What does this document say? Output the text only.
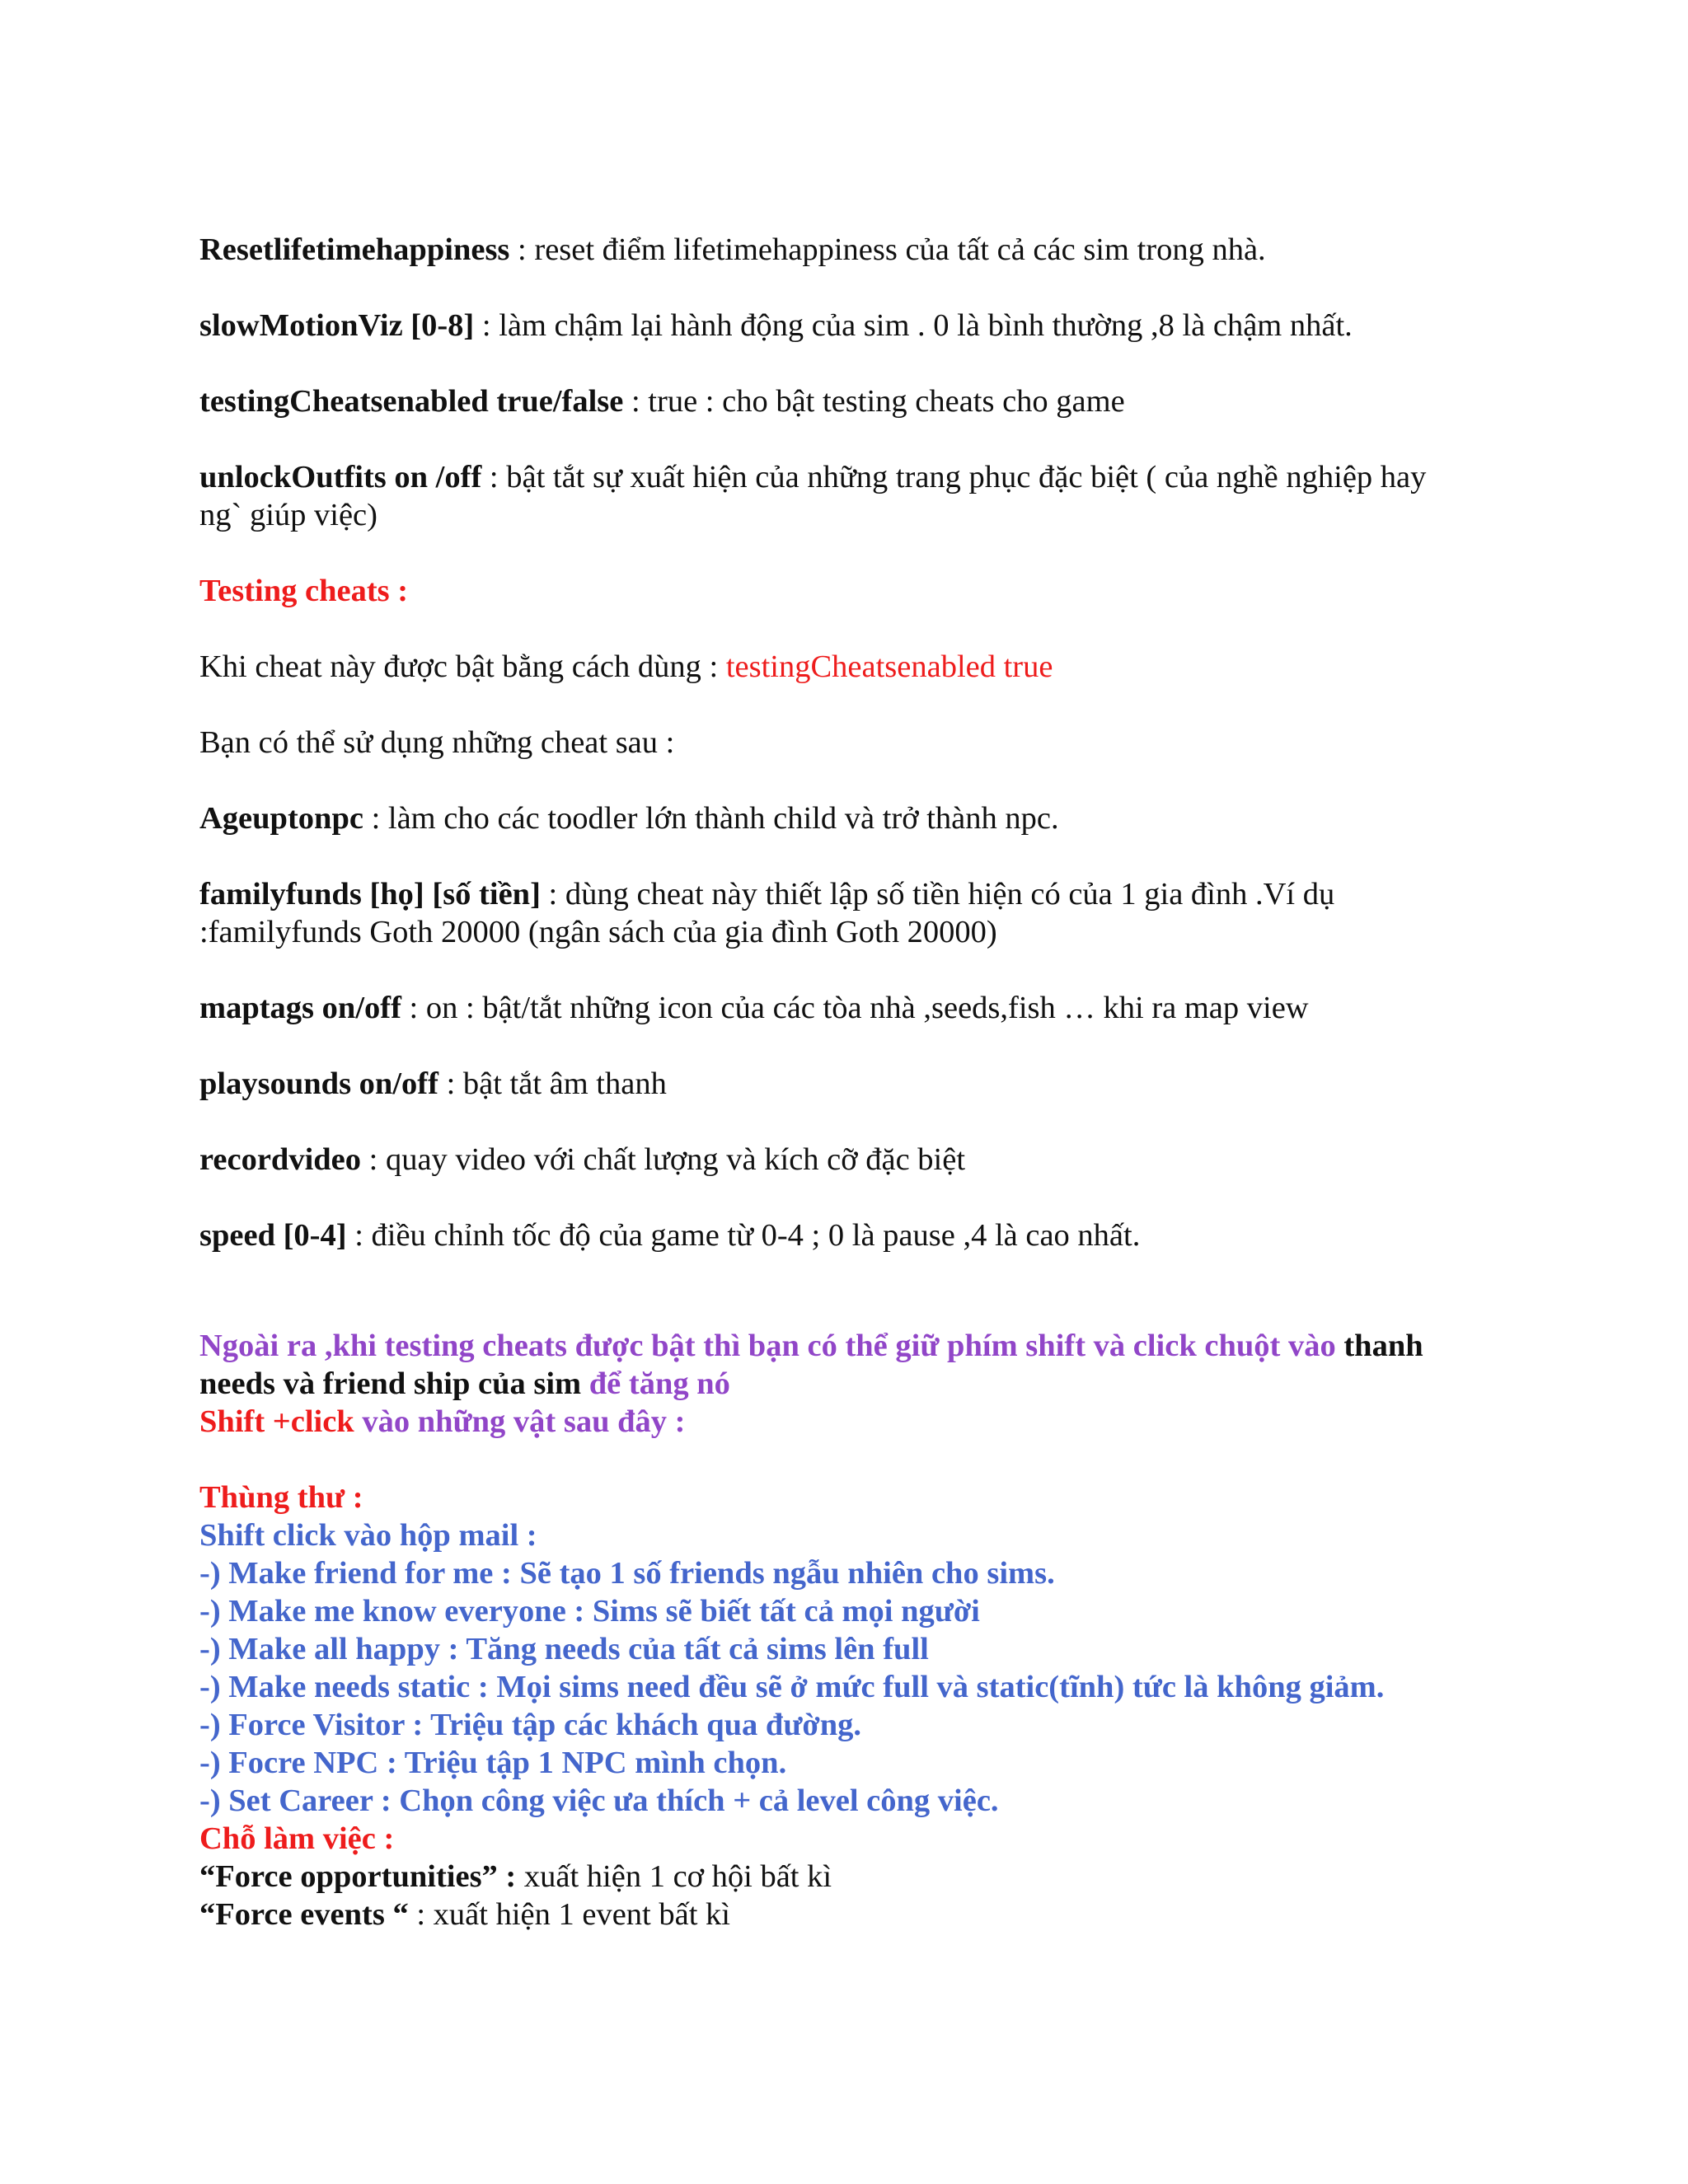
Resetlifetimehappiness : reset điểm lifetimehappiness của tất cả các sim trong nhà.

slowMotionViz [0-8] : làm chậm lại hành động của sim . 0 là bình thường ,8 là chậm nhất.

testingCheatsenabled true/false : true : cho bật testing cheats cho game

unlockOutfits on /off : bật tắt sự xuất hiện của những trang phục đặc biệt ( của nghề nghiệp hay
ng` giúp việc)

Testing cheats :

Khi cheat này được bật bằng cách dùng : testingCheatsenabled true

Bạn có thể sử dụng những cheat sau :

Ageuptonpc : làm cho các toodler lớn thành child và trở thành npc.

familyfunds [họ] [số tiền] : dùng cheat này thiết lập số tiền hiện có của 1 gia đình .Ví dụ
:familyfunds Goth 20000 (ngân sách của gia đình Goth 20000)

maptags on/off : on : bật/tắt những icon của các tòa nhà ,seeds,fish … khi ra map view

playsounds on/off : bật tắt âm thanh

recordvideo : quay video với chất lượng và kích cỡ đặc biệt

speed [0-4] : điều chỉnh tốc độ của game từ 0-4 ; 0 là pause ,4 là cao nhất.

Ngoài ra ,khi testing cheats được bật thì bạn có thể giữ phím shift và click chuột vào thanh
needs và friend ship của sim để tăng nó
Shift +click vào những vật sau đây :

Thùng thư :
Shift click vào hộp mail :
-) Make friend for me : Sẽ tạo 1 số friends ngẫu nhiên cho sims.
-) Make me know everyone : Sims sẽ biết tất cả mọi người
-) Make all happy : Tăng needs của tất cả sims lên full
-) Make needs static : Mọi sims need đều sẽ ở mức full và static(tĩnh) tức là không giảm.
-) Force Visitor : Triệu tập các khách qua đường.
-) Focre NPC : Triệu tập 1 NPC mình chọn.
-) Set Career : Chọn công việc ưa thích + cả level công việc.
Chỗ làm việc :
“Force opportunities” : xuất hiện 1 cơ hội bất kì
“Force events “ : xuất hiện 1 event bất kì
